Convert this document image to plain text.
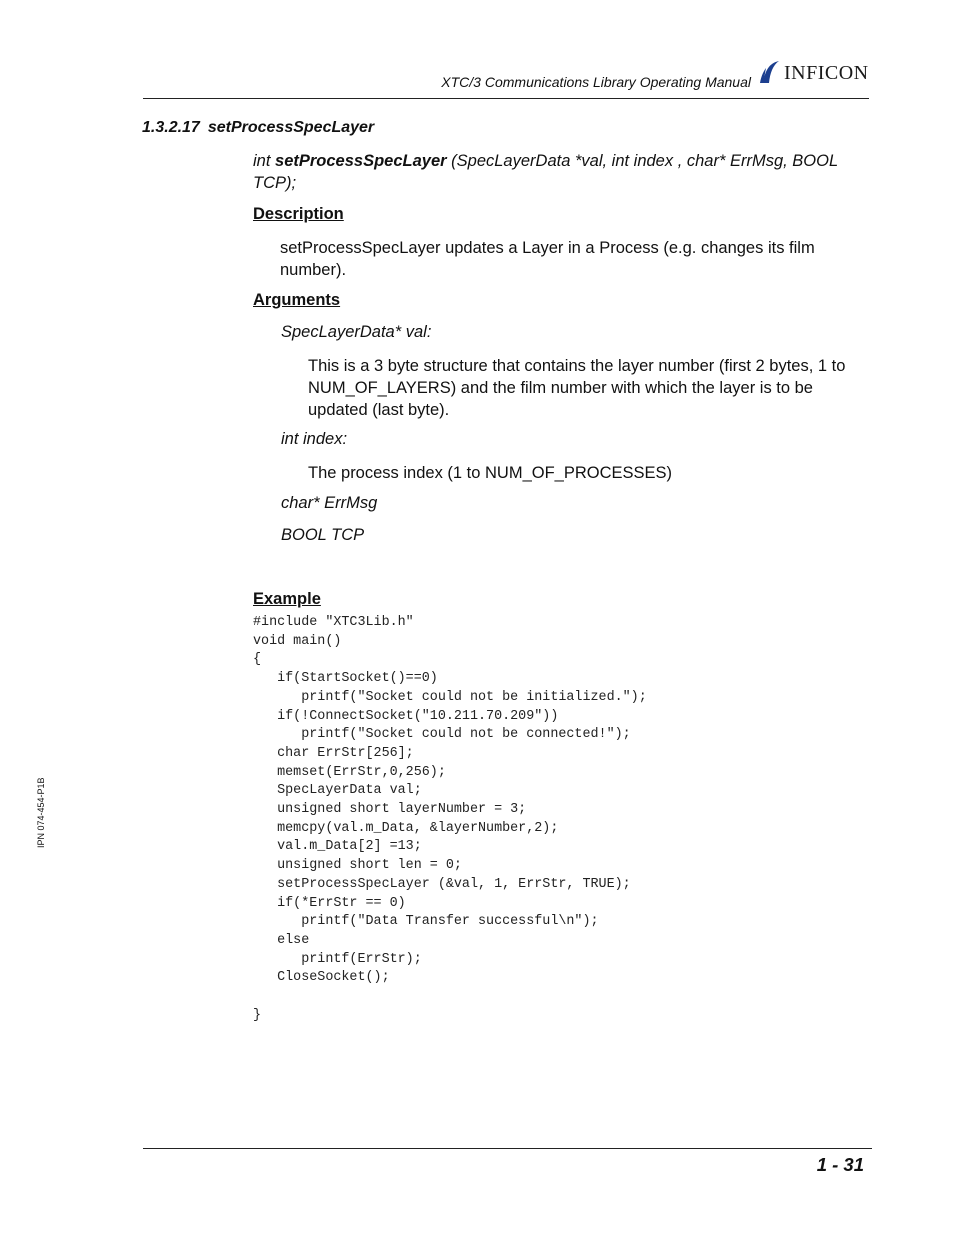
XTC/3 Communications Library Operating Manual INFICON
1.3.2.17 setProcessSpecLayer
int setProcessSpecLayer (SpecLayerData *val, int index , char* ErrMsg, BOOL TCP);
Description
setProcessSpecLayer updates a Layer in a Process (e.g. changes its film number).
Arguments
SpecLayerData* val:
This is a 3 byte structure that contains the layer number (first 2 bytes, 1 to NUM_OF_LAYERS) and the film number with which the layer is to be updated (last byte).
int index:
The process index (1 to NUM_OF_PROCESSES)
char* ErrMsg
BOOL TCP
Example
#include "XTC3Lib.h"
void main()
{
if(StartSocket()==0)
printf("Socket could not be initialized.");
if(!ConnectSocket("10.211.70.209"))
printf("Socket could not be connected!");
char ErrStr[256];
memset(ErrStr,0,256);
SpecLayerData val;
unsigned short layerNumber = 3;
memcpy(val.m_Data, &layerNumber,2);
val.m_Data[2] =13;
unsigned short len = 0;
setProcessSpecLayer (&val, 1, ErrStr, TRUE);
if(*ErrStr == 0)
printf("Data Transfer successful\n");
else
printf(ErrStr);
CloseSocket();

}
IPN 074-454-P1B
1 - 31
